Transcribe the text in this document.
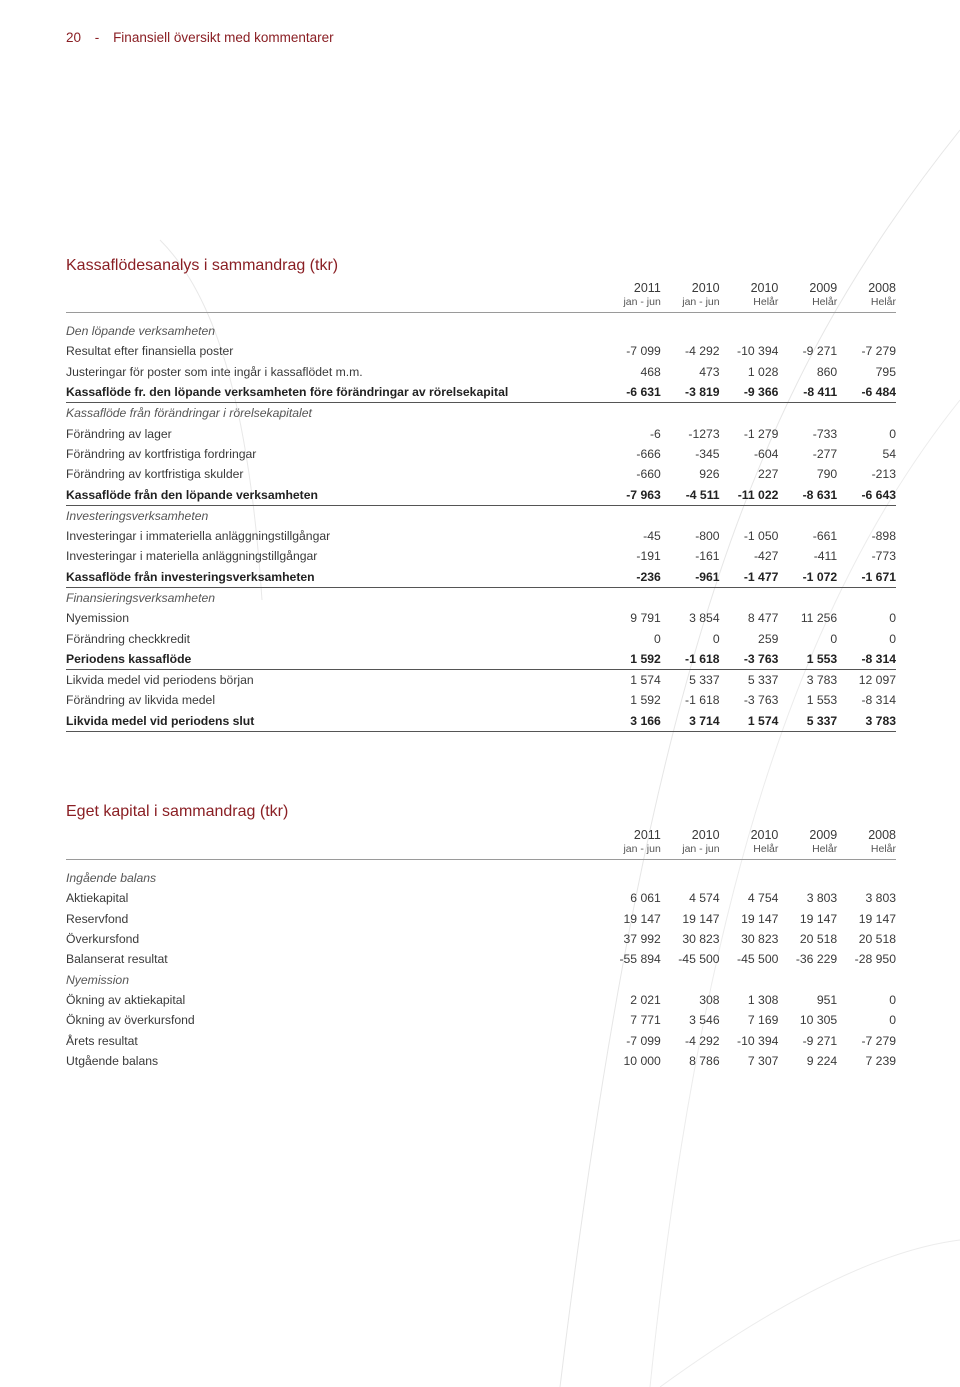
20 - Finansiell översikt med kommentarer
Kassaflödesanalys i sammandrag (tkr)
	2011	2010	2010	2009	2008
	jan - jun	jan - jun	Helår	Helår	Helår

Den löpande verksamheten					
Resultat efter finansiella poster	-7 099	-4 292	-10 394	-9 271	-7 279
Justeringar för poster som inte ingår i kassaflödet m.m.	468	473	1 028	860	795
Kassaflöde fr. den löpande verksamheten före förändringar av rörelsekapital	-6 631	-3 819	-9 366	-8 411	-6 484
Kassaflöde från förändringar i rörelsekapitalet					
Förändring av lager	-6	-1273	-1 279	-733	0
Förändring av kortfristiga fordringar	-666	-345	-604	-277	54
Förändring av kortfristiga skulder	-660	926	227	790	-213
Kassaflöde från den löpande verksamheten	-7 963	-4 511	-11 022	-8 631	-6 643
Investeringsverksamheten					
Investeringar i immateriella anläggningstillgångar	-45	-800	-1 050	-661	-898
Investeringar i materiella anläggningstillgångar	-191	-161	-427	-411	-773
Kassaflöde från investeringsverksamheten	-236	-961	-1 477	-1 072	-1 671
Finansieringsverksamheten					
Nyemission	9 791	3 854	8 477	11 256	0
Förändring checkkredit	0	0	259	0	0
Periodens kassaflöde	1 592	-1 618	-3 763	1 553	-8 314
Likvida medel vid periodens början	1 574	5 337	5 337	3 783	12 097
Förändring av likvida medel	1 592	-1 618	-3 763	1 553	-8 314
Likvida medel vid periodens slut	3 166	3 714	1 574	5 337	3 783
Eget kapital i sammandrag (tkr)
	2011	2010	2010	2009	2008
	jan - jun	jan - jun	Helår	Helår	Helår

Ingående balans					
Aktiekapital	6 061	4 574	4 754	3 803	3 803
Reservfond	19 147	19 147	19 147	19 147	19 147
Överkursfond	37 992	30 823	30 823	20 518	20 518
Balanserat resultat	-55 894	-45 500	-45 500	-36 229	-28 950
Nyemission					
Ökning av aktiekapital	2 021	308	1 308	951	0
Ökning av överkursfond	7 771	3 546	7 169	10 305	0
Årets resultat	-7 099	-4 292	-10 394	-9 271	-7 279
Utgående balans	10 000	8 786	7 307	9 224	7 239
